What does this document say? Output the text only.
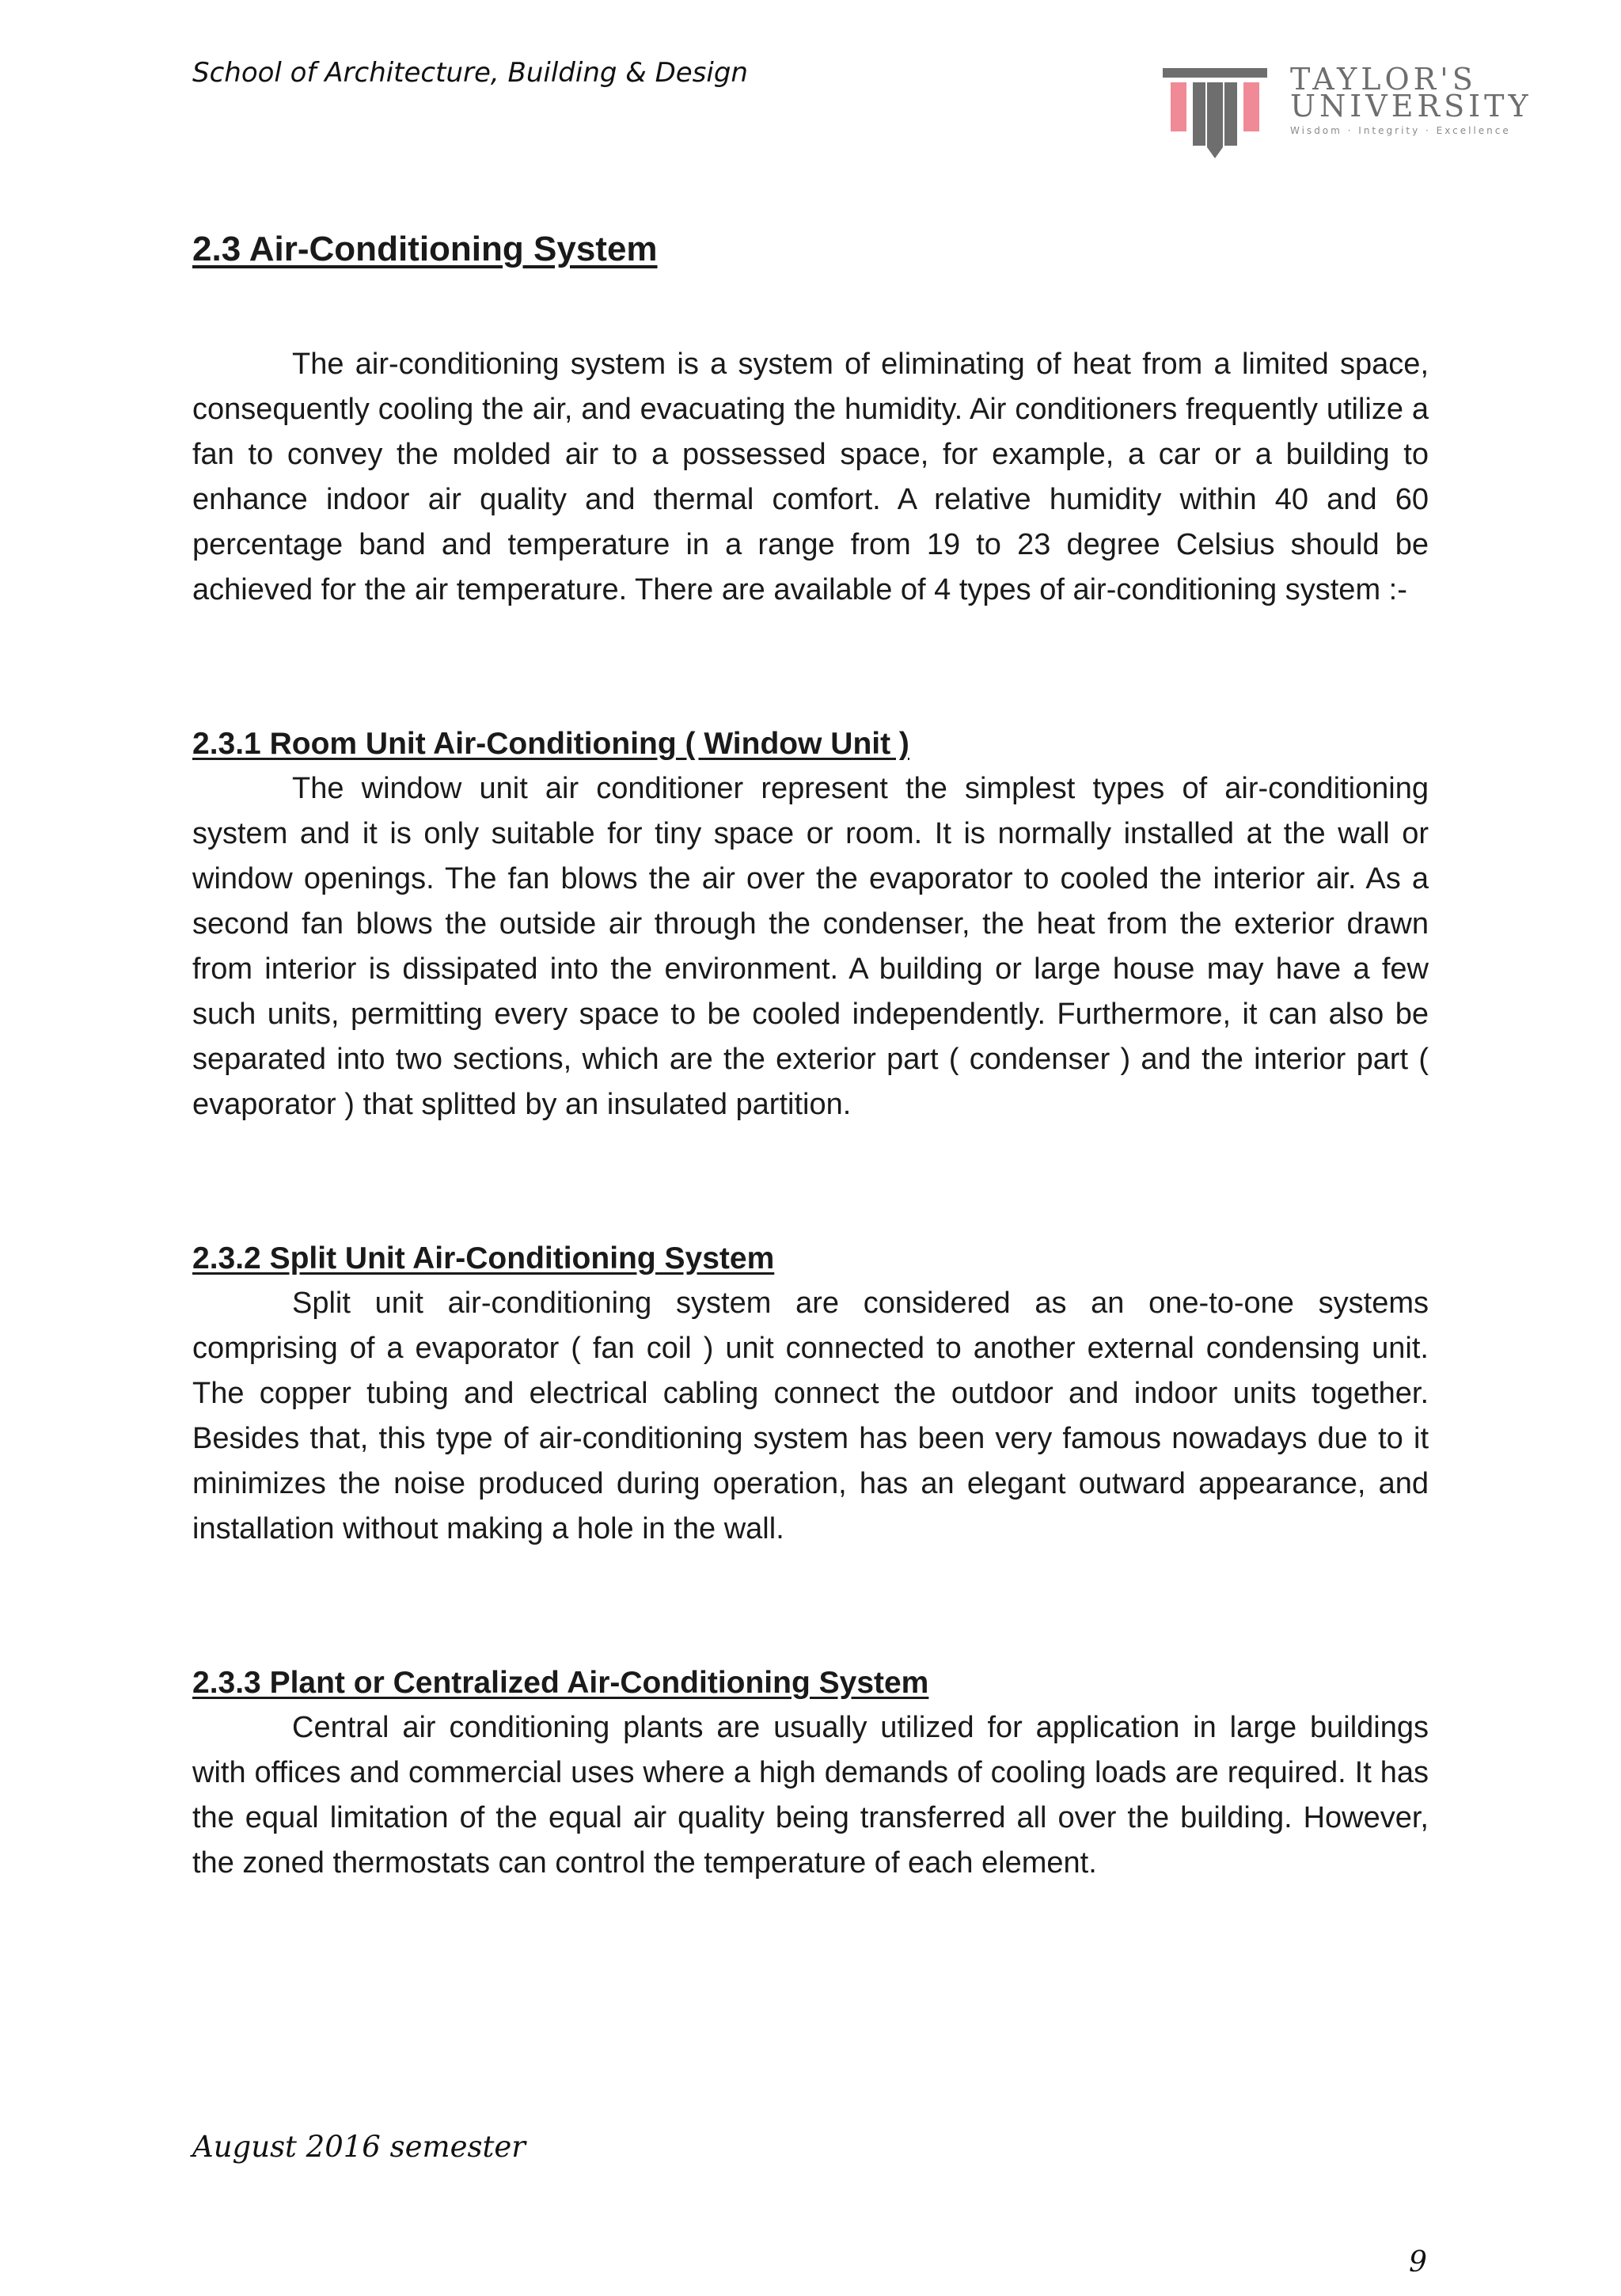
School of Architecture, Building & Design	TAYLOR'S
UNIVERSITY
Wisdom · Integrity · Excellence
2.3 Air-Conditioning System

The air-conditioning system is a system of eliminating of heat from a limited space, consequently cooling the air, and evacuating the humidity. Air conditioners frequently utilize a fan to convey the molded air to a possessed space, for example, a car or a building to enhance indoor air quality and thermal comfort. A relative humidity within 40 and 60 percentage band and temperature in a range from 19 to 23 degree Celsius should be achieved for the air temperature. There are available of 4 types of air-conditioning system :-

2.3.1 Room Unit Air-Conditioning ( Window Unit )

The window unit air conditioner represent the simplest types of air-conditioning system and it is only suitable for tiny space or room. It is normally installed at the wall or window openings. The fan blows the air over the evaporator to cooled the interior air. As a second fan blows the outside air through the condenser, the heat from the exterior drawn from interior is dissipated into the environment. A building or large house may have a few such units, permitting every space to be cooled independently. Furthermore, it can also be separated into two sections, which are the exterior part ( condenser ) and the interior part ( evaporator ) that splitted by an insulated partition.

2.3.2 Split Unit Air-Conditioning System

Split unit air-conditioning system are considered as an one-to-one systems comprising of a evaporator ( fan coil ) unit connected to another external condensing unit. The copper tubing and electrical cabling connect the outdoor and indoor units together. Besides that, this type of air-conditioning system has been very famous nowadays due to it minimizes the noise produced during operation, has an elegant outward appearance, and installation without making a hole in the wall.

2.3.3 Plant or Centralized Air-Conditioning System

Central air conditioning plants are usually utilized for application in large buildings with offices and commercial uses where a high demands of cooling loads are required. It has the equal limitation of the equal air quality being transferred all over the building. However, the zoned thermostats can control the temperature of each element.

August 2016 semester
9
